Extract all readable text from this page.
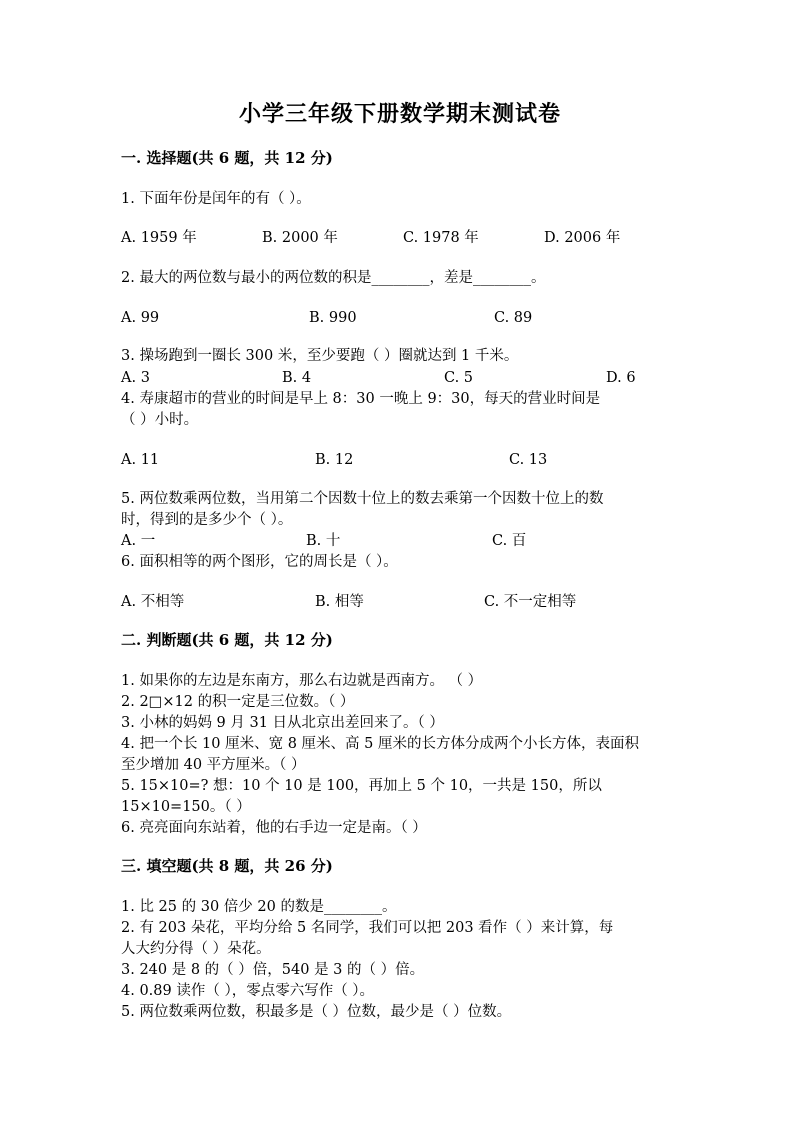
小学三年级下册数学期末测试卷
一. 选择题(共 6 题，共 12 分)
1. 下面年份是闰年的有（ ）。
A. 1959 年	B. 2000 年	C. 1978 年	D. 2006 年
2. 最大的两位数与最小的两位数的积是________，差是________。
A. 99	B. 990	C. 89
3. 操场跑到一圈长 300 米，至少要跑（ ）圈就达到 1 千米。
A. 3	B. 4	C. 5	D. 6
4. 寿康超市的营业的时间是早上 8：30 一晚上 9：30，每天的营业时间是
（ ）小时。
A. 11	B. 12	C. 13
5. 两位数乘两位数，当用第二个因数十位上的数去乘第一个因数十位上的数
时，得到的是多少个（ ）。
A. 一	B. 十	C. 百
6. 面积相等的两个图形，它的周长是（ ）。
A. 不相等	B. 相等	C. 不一定相等
二. 判断题(共 6 题，共 12 分)
1. 如果你的左边是东南方，那么右边就是西南方。 （ ）
2. 2□×12 的积一定是三位数。（ ）
3. 小林的妈妈 9 月 31 日从北京出差回来了。（ ）
4. 把一个长 10 厘米、宽 8 厘米、高 5 厘米的长方体分成两个小长方体，表面积
至少增加 40 平方厘米。（ ）
5. 15×10=? 想：10 个 10 是 100，再加上 5 个 10，一共是 150，所以
15×10=150。（ ）
6. 亮亮面向东站着，他的右手边一定是南。（ ）
三. 填空题(共 8 题，共 26 分)
1. 比 25 的 30 倍少 20 的数是________。
2. 有 203 朵花，平均分给 5 名同学，我们可以把 203 看作（ ）来计算，每
人大约分得（ ）朵花。
3. 240 是 8 的（ ）倍，540 是 3 的（ ）倍。
4. 0.89 读作（ ），零点零六写作（ ）。
5. 两位数乘两位数，积最多是（ ）位数，最少是（ ）位数。
